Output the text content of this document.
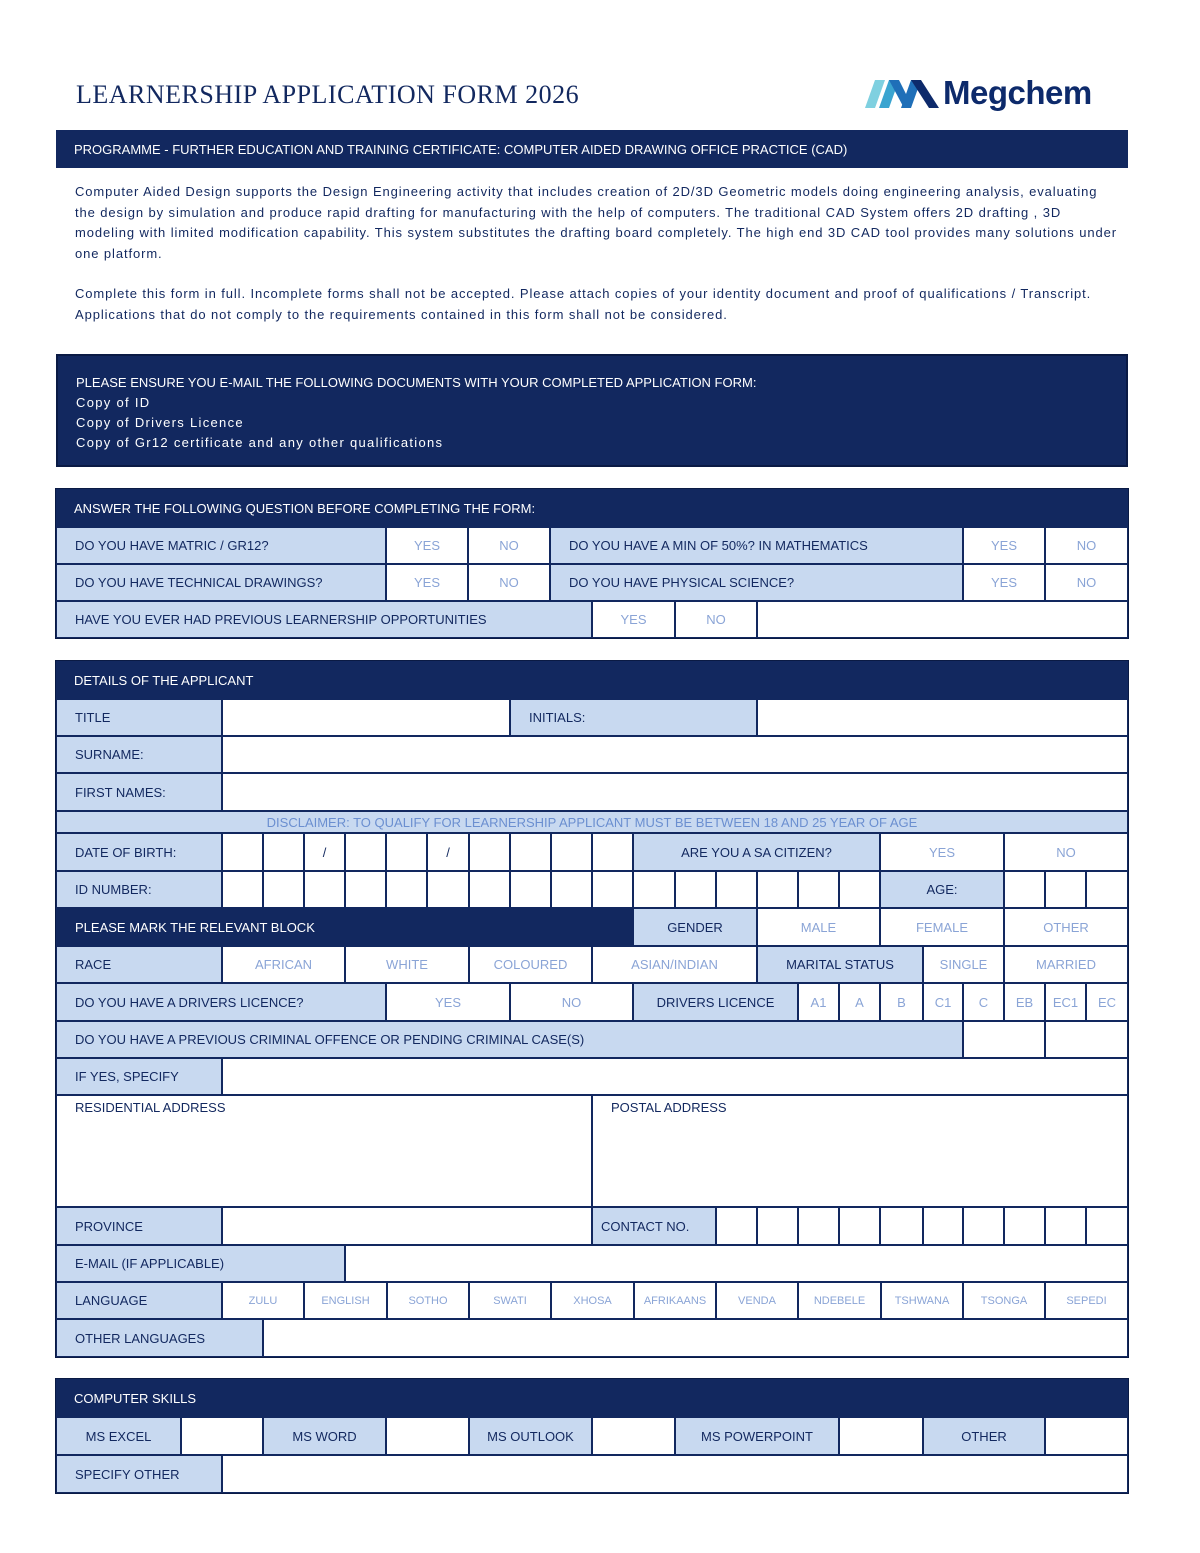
LEARNERSHIP APPLICATION FORM 2026	Megchem
PROGRAMME - FURTHER EDUCATION AND TRAINING CERTIFICATE: COMPUTER AIDED DRAWING OFFICE PRACTICE (CAD)
Computer Aided Design supports the Design Engineering activity that includes creation of 2D/3D Geometric models doing engineering analysis, evaluating the design by simulation and produce rapid drafting for manufacturing with the help of computers. The traditional CAD System offers 2D drafting , 3D modeling with limited modification capability. This system substitutes the drafting board completely. The high end 3D CAD tool provides many solutions under one platform.
Complete this form in full. Incomplete forms shall not be accepted. Please attach copies of your identity document and proof of qualifications / Transcript. Applications that do not comply to the requirements contained in this form shall not be considered.
PLEASE ENSURE YOU E-MAIL THE FOLLOWING DOCUMENTS WITH YOUR COMPLETED APPLICATION FORM:
Copy of ID
Copy of Drivers Licence
Copy of Gr12 certificate and any other qualifications
ANSWER THE FOLLOWING QUESTION BEFORE COMPLETING THE FORM:
DO YOU HAVE MATRIC / GR12?	YES	NO	DO YOU HAVE A MIN OF 50%? IN MATHEMATICS	YES	NO
DO YOU HAVE TECHNICAL DRAWINGS?	YES	NO	DO YOU HAVE PHYSICAL SCIENCE?	YES	NO
HAVE YOU EVER HAD PREVIOUS LEARNERSHIP OPPORTUNITIES	YES	NO
DETAILS OF THE APPLICANT
TITLE	INITIALS:
SURNAME:
FIRST NAMES:
DISCLAIMER: TO QUALIFY FOR LEARNERSHIP APPLICANT MUST BE BETWEEN 18 AND 25 YEAR OF AGE
DATE OF BIRTH:	/	/	ARE YOU A SA CITIZEN?	YES	NO
ID NUMBER:	AGE:
PLEASE MARK THE RELEVANT BLOCK	GENDER	MALE	FEMALE	OTHER
RACE	AFRICAN	WHITE	COLOURED	ASIAN/INDIAN	MARITAL STATUS	SINGLE	MARRIED
DO YOU HAVE A DRIVERS LICENCE?	YES	NO	DRIVERS LICENCE	A1	A	B	C1	C	EB	EC1	EC
DO YOU HAVE A PREVIOUS CRIMINAL OFFENCE OR PENDING CRIMINAL CASE(S)
IF YES, SPECIFY
RESIDENTIAL ADDRESS	POSTAL ADDRESS
PROVINCE	CONTACT NO.
E-MAIL (IF APPLICABLE)
LANGUAGE	ZULU	ENGLISH	SOTHO	SWATI	XHOSA	AFRIKAANS	VENDA	NDEBELE	TSHWANA	TSONGA	SEPEDI
OTHER LANGUAGES
COMPUTER SKILLS
MS EXCEL	MS WORD	MS OUTLOOK	MS POWERPOINT	OTHER
SPECIFY OTHER
